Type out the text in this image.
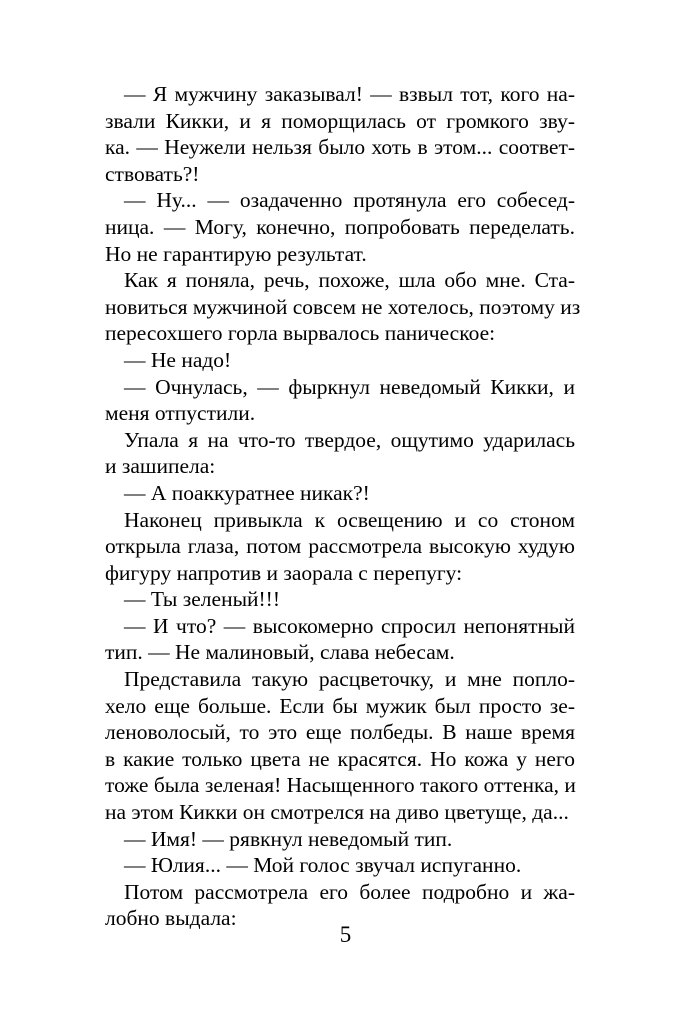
— Я мужчину заказывал! — взвыл тот, кого на-
звали Кикки, и я поморщилась от громкого зву-
ка. — Неужели нельзя было хоть в этом... соответ-
ствовать?!
— Ну... — озадаченно протянула его собесед-
ница. — Могу, конечно, попробовать переделать.
Но не гарантирую результат.
Как я поняла, речь, похоже, шла обо мне. Ста-
новиться мужчиной совсем не хотелось, поэтому из
пересохшего горла вырвалось паническое:
— Не надо!
— Очнулась, — фыркнул неведомый Кикки, и
меня отпустили.
Упала я на что-то твердое, ощутимо ударилась
и зашипела:
— А поаккуратнее никак?!
Наконец привыкла к освещению и со стоном
открыла глаза, потом рассмотрела высокую худую
фигуру напротив и заорала с перепугу:
— Ты зеленый!!!
— И что? — высокомерно спросил непонятный
тип. — Не малиновый, слава небесам.
Представила такую расцветочку, и мне попло-
хело еще больше. Если бы мужик был просто зе-
леноволосый, то это еще полбеды. В наше время
в какие только цвета не красятся. Но кожа у него
тоже была зеленая! Насыщенного такого оттенка, и
на этом Кикки он смотрелся на диво цветуще, да...
— Имя! — рявкнул неведомый тип.
— Юлия... — Мой голос звучал испуганно.
Потом рассмотрела его более подробно и жа-
лобно выдала:
5
